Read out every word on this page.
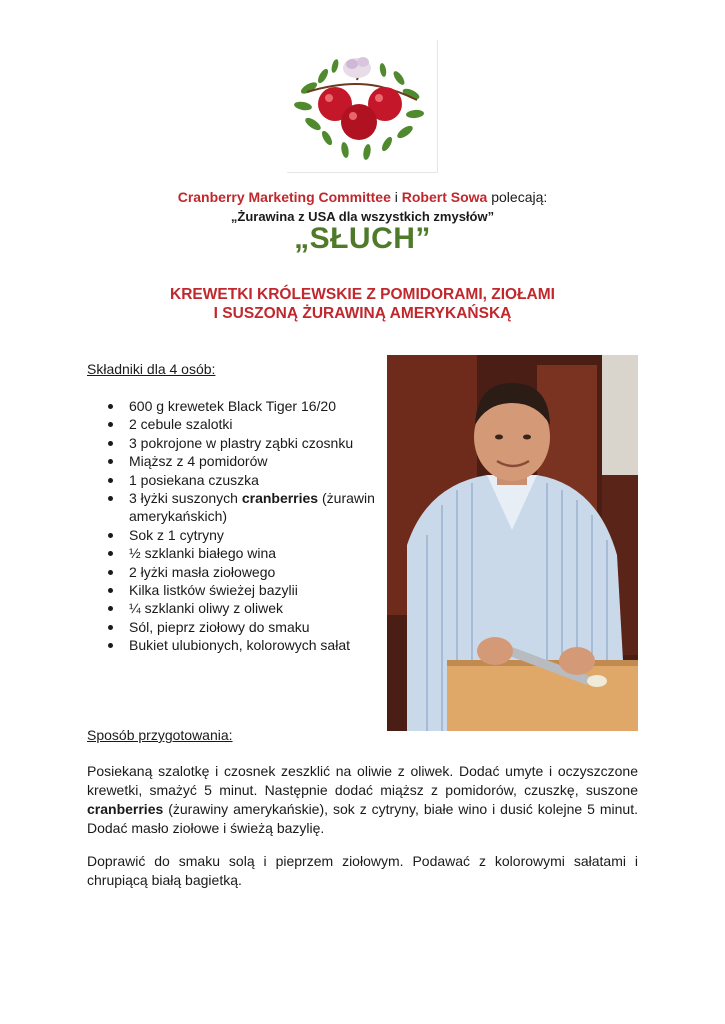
Cranberry Marketing Committee i Robert Sowa polecają:
„Żurawina z USA dla wszystkich zmysłów”
„SŁUCH”
KREWETKI KRÓLEWSKIE Z POMIDORAMI, ZIOŁAMI
I SUSZONĄ ŻURAWINĄ AMERYKAŃSKĄ
Składniki dla 4 osób:
600 g krewetek Black Tiger 16/20
2 cebule szalotki
3 pokrojone w plastry ząbki czosnku
Miąższ z 4 pomidorów
1 posiekana czuszka
3 łyżki suszonych cranberries (żurawin amerykańskich)
Sok z 1 cytryny
½ szklanki białego wina
2 łyżki masła ziołowego
Kilka listków świeżej bazylii
¼ szklanki oliwy z oliwek
Sól, pieprz ziołowy do smaku
Bukiet ulubionych, kolorowych sałat
Sposób przygotowania:

Posiekaną szalotkę i czosnek zeszklić na oliwie z oliwek. Dodać umyte i oczyszczone krewetki, smażyć 5 minut. Następnie dodać miąższ z pomidorów, czuszkę, suszone cranberries (żurawiny amerykańskie), sok z cytryny, białe wino i dusić kolejne 5 minut. Dodać masło ziołowe i świeżą bazylię.

Doprawić do smaku solą i pieprzem ziołowym. Podawać z kolorowymi sałatami i chrupiącą białą bagietką.
